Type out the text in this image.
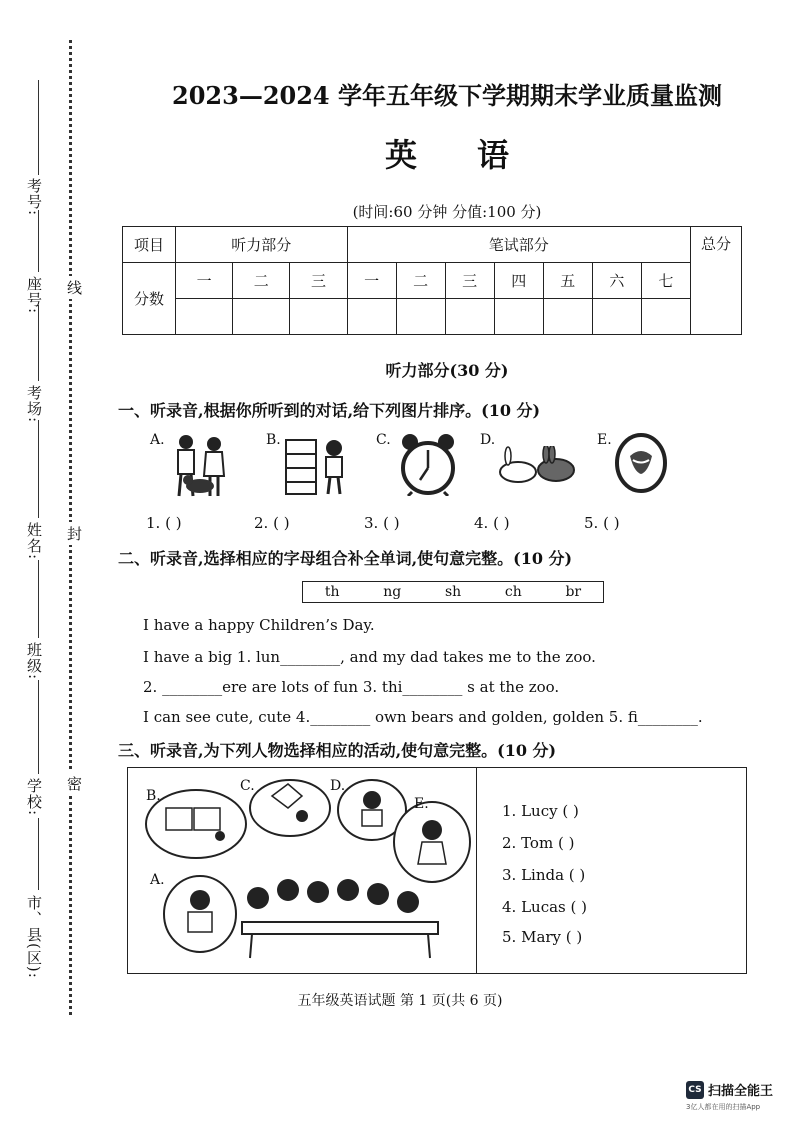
考号:
座号:
考场:
姓名:
班级:
学校:
市、县(区):
线
封
密
2023—2024 学年五年级下学期期末学业质量监测
英语
(时间:60 分钟 分值:100 分)
项目	听力部分			笔试部分							总分
分数	一	二	三	一	二	三	四	五	六	七	

听力部分(30 分)
一、听录音,根据你所听到的对话,给下列图片排序。(10 分)
A.	B.	C.	D.	E.
1. ( )	2. ( )	3. ( )	4. ( )	5. ( )
二、听录音,选择相应的字母组合补全单词,使句意完整。(10 分)
th	ng	sh	ch	br
I have a happy Children’s Day.
I have a big 1. lun________, and my dad takes me to the zoo.
2. ________ere are lots of fun 3. thi________ s at the zoo.
I can see cute, cute 4.________ own bears and golden, golden 5. fi________.
三、听录音,为下列人物选择相应的活动,使句意完整。(10 分)
B.
C.	D.
E.
A.
1. Lucy ( )
2. Tom ( )
3. Linda ( )
4. Lucas ( )
5. Mary ( )
五年级英语试题 第 1 页(共 6 页)
CS 扫描全能王
3亿人都在用的扫描App
